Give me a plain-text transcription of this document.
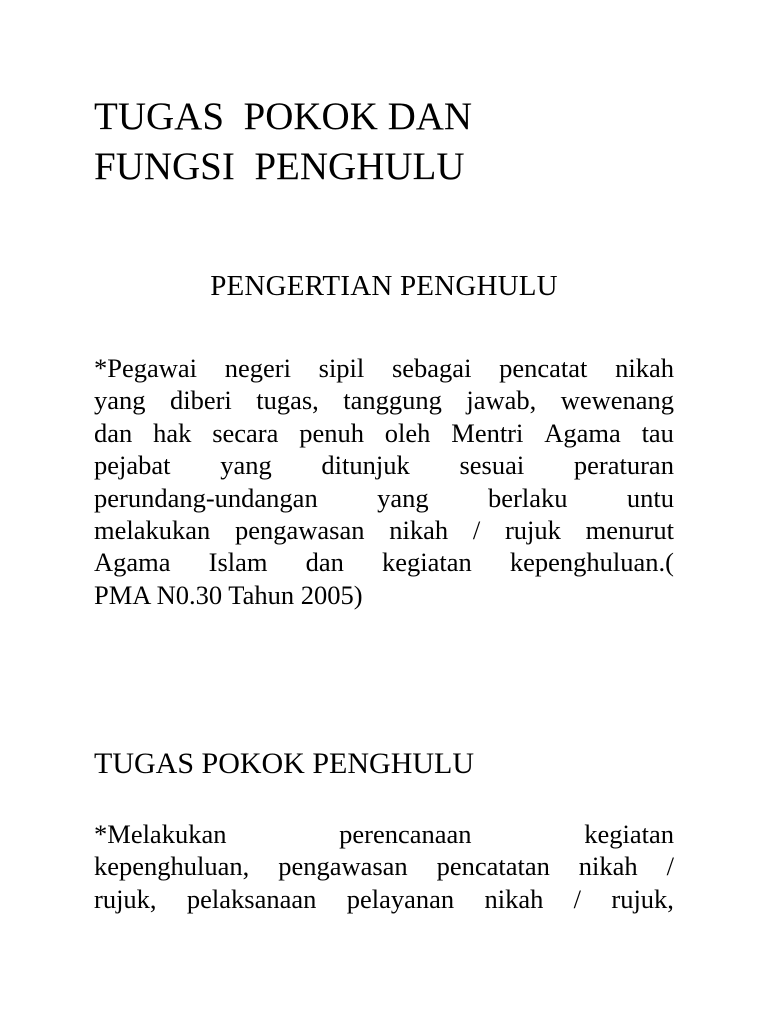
TUGAS  POKOK DAN
FUNGSI  PENGHULU
PENGERTIAN PENGHULU
*Pegawai negeri sipil sebagai pencatat nikah
yang diberi tugas, tanggung jawab, wewenang
dan hak secara penuh oleh Mentri Agama tau
pejabat yang ditunjuk sesuai peraturan
perundang-undangan yang berlaku untu
melakukan pengawasan nikah / rujuk menurut
Agama Islam dan kegiatan kepenghuluan.(
PMA N0.30 Tahun 2005)
TUGAS POKOK PENGHULU
*Melakukan	perencanaan	kegiatan
kepenghuluan, pengawasan pencatatan nikah /
rujuk, pelaksanaan pelayanan nikah / rujuk,
